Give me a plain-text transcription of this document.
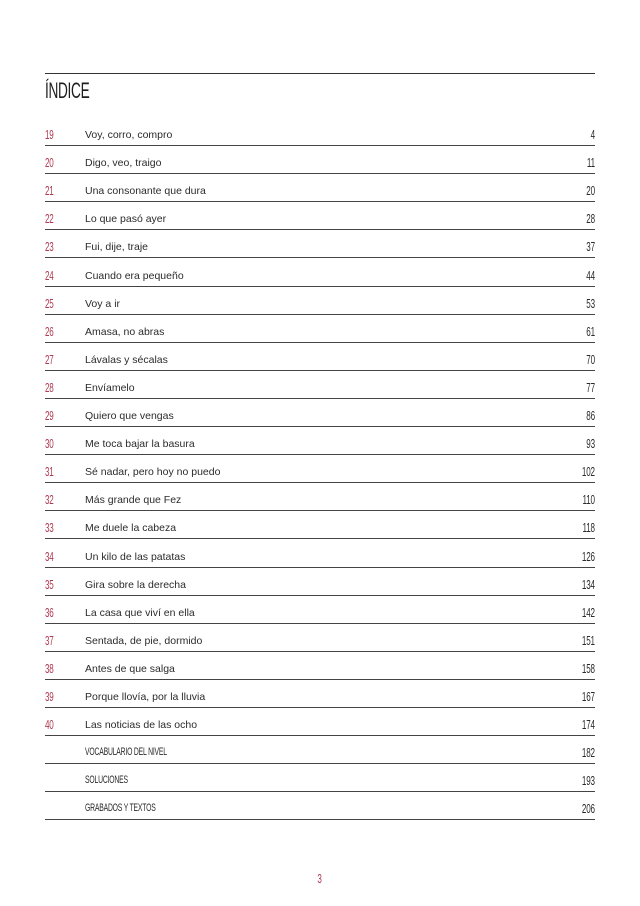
ÍNDICE
19	Voy, corro, compro	4
20	Digo, veo, traigo	11
21	Una consonante que dura	20
22	Lo que pasó ayer	28
23	Fui, dije, traje	37
24	Cuando era pequeño	44
25	Voy a ir	53
26	Amasa, no abras	61
27	Lávalas y sécalas	70
28	Envíamelo	77
29	Quiero que vengas	86
30	Me toca bajar la basura	93
31	Sé nadar, pero hoy no puedo	102
32	Más grande que Fez	110
33	Me duele la cabeza	118
34	Un kilo de las patatas	126
35	Gira sobre la derecha	134
36	La casa que viví en ella	142
37	Sentada, de pie, dormido	151
38	Antes de que salga	158
39	Porque llovía, por la lluvia	167
40	Las noticias de las ocho	174
VOCABULARIO DEL NIVEL	182
SOLUCIONES	193
GRABADOS Y TEXTOS	206
3
